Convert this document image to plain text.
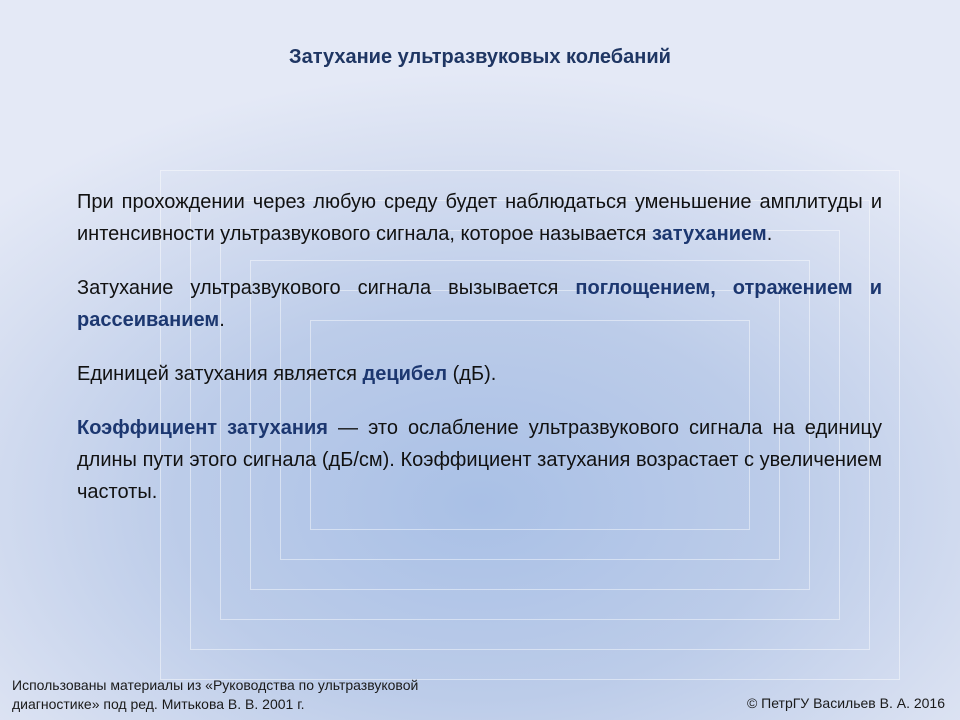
Затухание ультразвуковых колебаний

При прохождении через любую среду будет наблюдаться уменьшение амплитуды и интенсивности ультразвукового сигнала, которое называется затуханием.

Затухание ультразвукового сигнала вызывается поглощением, отражением и рассеиванием.

Единицей затухания является децибел (дБ).

Коэффициент затухания — это ослабление ультразвукового сигнала на единицу длины пути этого сигнала (дБ/см). Коэффициент затухания возрастает с увеличением частоты.

Использованы материалы из «Руководства по ультразвуковой
диагностике» под ред. Митькова В. В. 2001 г.	© ПетрГУ Васильев В. А. 2016
